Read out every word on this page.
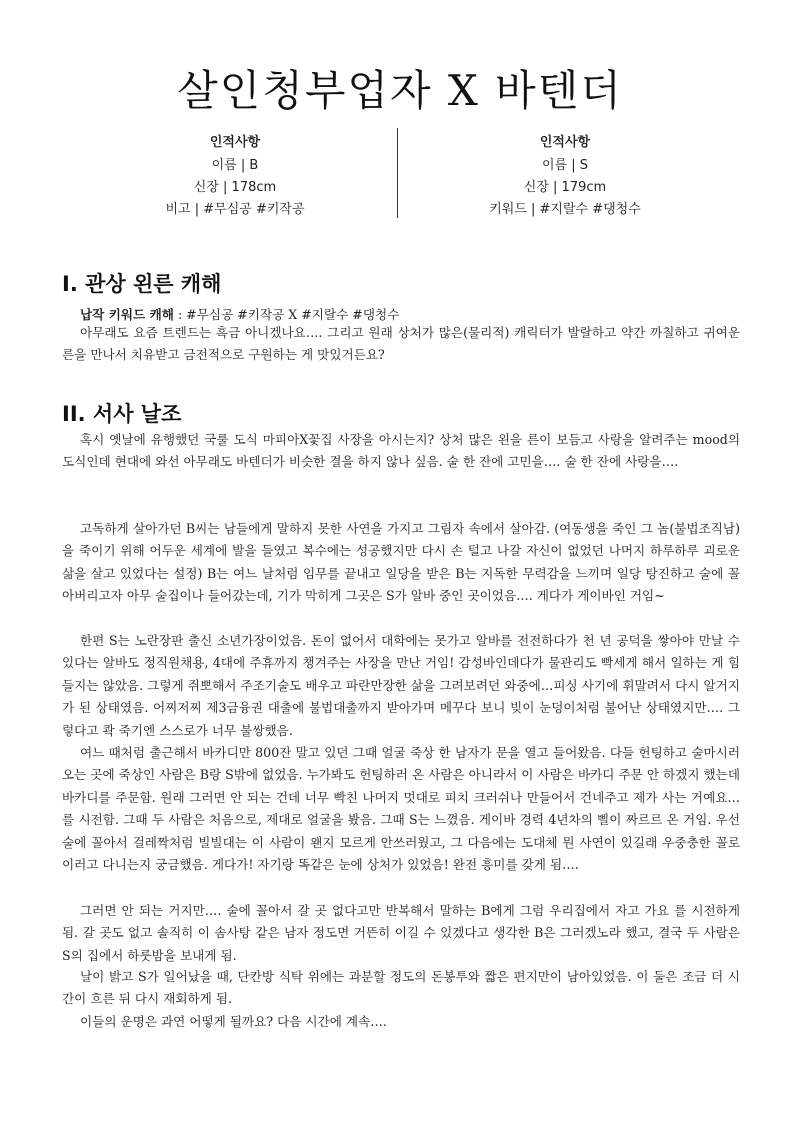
살인청부업자 X 바텐더
인적사항
이름 | B
신장 | 178cm
비고 | #무심공 #키작공
인적사항
이름 | S
신장 | 179cm
키워드 | #지랄수 #댕청수
I. 관상 왼른 캐해
납작 키워드 캐해 : #무심공 #키작공 X #지랄수 #댕청수

아무래도 요즘 트렌드는 흑금 아니겠나요…. 그리고 원래 상처가 많은(물리적) 캐릭터가 발랄하고 약간 까칠하고 귀여운 른을 만나서 치유받고 금전적으로 구원하는 게 맛있거든요?

II. 서사 날조

혹시 옛날에 유행했던 국룰 도식 마피아X꽃집 사장을 아시는지? 상처 많은 왼을 른이 보듬고 사랑을 알려주는 mood의 도식인데 현대에 와선 아무래도 바텐더가 비슷한 결을 하지 않나 싶음. 술 한 잔에 고민을…. 술 한 잔에 사랑을….

고독하게 살아가던 B씨는 남들에게 말하지 못한 사연을 가지고 그림자 속에서 살아감. (여동생을 죽인 그 놈(불법조직남)을 죽이기 위해 어두운 세계에 발을 들였고 복수에는 성공했지만 다시 손 털고 나갈 자신이 없었던 나머지 하루하루 괴로운 삶을 살고 있었다는 설정) B는 여느 날처럼 임무를 끝내고 일당을 받은 B는 지독한 무력감을 느끼며 일당 탕진하고 술에 꼴아버리고자 아무 술집이나 들어갔는데, 기가 막히게 그곳은 S가 알바 중인 곳이었음…. 게다가 게이바인 거임~

한편 S는 노란장판 출신 소년가장이었음. 돈이 없어서 대학에는 못가고 알바를 전전하다가 천 년 공덕을 쌓아야 만날 수 있다는 알바도 정직원채용, 4대에 주휴까지 챙겨주는 사장을 만난 거임! 감성바인데다가 물관리도 빡세게 해서 일하는 게 힘들지는 않았음. 그렇게 쥐뽀해서 주조기술도 배우고 파란만장한 삶을 그려보려던 와중에…피싱 사기에 휘말려서 다시 알거지가 된 상태였음. 어찌저찌 제3금융권 대출에 불법대출까지 받아가며 메꾸다 보니 빚이 눈덩이처럼 불어난 상태였지만…. 그렇다고 콱 죽기엔 스스로가 너무 불쌍했음.

여느 때처럼 출근해서 바카디만 800잔 말고 있던 그때 얼굴 죽상 한 남자가 문을 열고 들어왔음. 다들 헌팅하고 술마시러 오는 곳에 죽상인 사람은 B랑 S밖에 없었음. 누가봐도 헌팅하러 온 사람은 아니라서 이 사람은 바카디 주문 안 하겠지 했는데 바카디를 주문함. 원래 그러면 안 되는 건데 너무 빡친 나머지 멋대로 피치 크러쉬나 만들어서 건네주고 제가 사는 거예요…를 시전함. 그때 두 사람은 처음으로, 제대로 얼굴을 봤음. 그때 S는 느꼈음. 게이바 경력 4년차의 삘이 짜르르 온 거임. 우선 술에 꼴아서 걸레짝처럼 빌빌대는 이 사람이 왠지 모르게 안쓰러웠고, 그 다음에는 도대체 뭔 사연이 있길래 우중충한 꼴로 이러고 다니는지 궁금했음. 게다가! 자기랑 똑같은 눈에 상처가 있었음! 완전 흥미를 갖게 됨….

그러면 안 되는 거지만…. 술에 꼴아서 갈 곳 없다고만 반복해서 말하는 B에게 그럼 우리집에서 자고 가요 를 시전하게 됨. 갈 곳도 없고 솔직히 이 솜사탕 같은 남자 정도면 거뜬히 이길 수 있겠다고 생각한 B은 그러겠노라 했고, 결국 두 사람은 S의 집에서 하룻밤을 보내게 됨.

날이 밝고 S가 일어났을 때, 단칸방 식탁 위에는 과분할 정도의 돈봉투와 짧은 편지만이 남아있었음. 이 둘은 조금 더 시간이 흐른 뒤 다시 재회하게 됨.

이들의 운명은 과연 어떻게 될까요? 다음 시간에 계속….
